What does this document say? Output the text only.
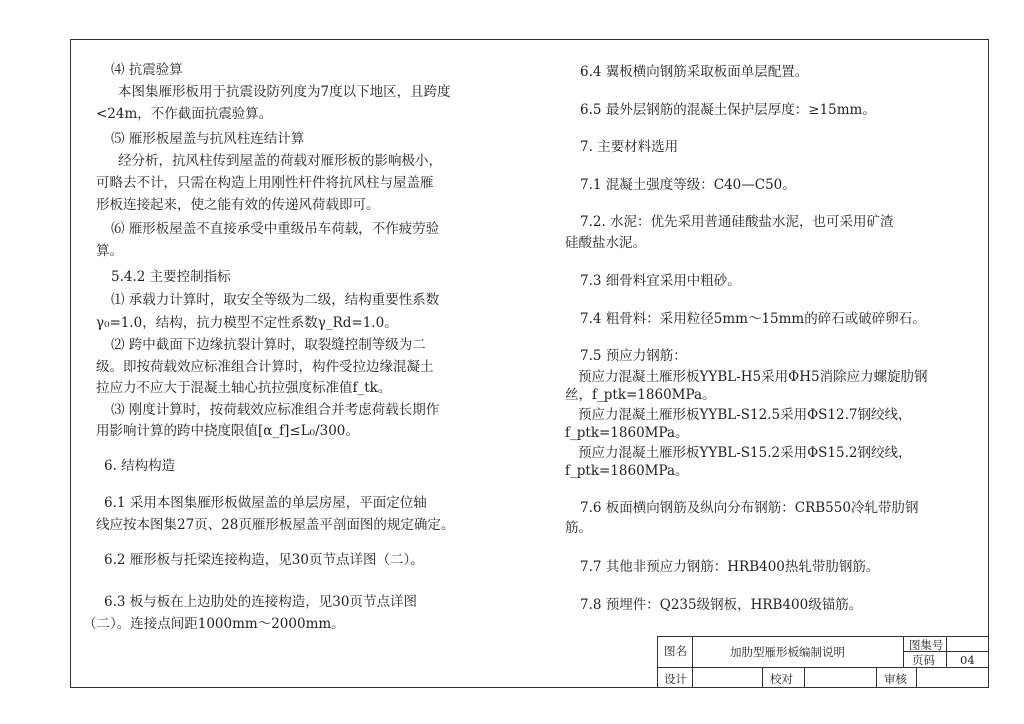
⑷ 抗震验算
本图集雁形板用于抗震设防列度为7度以下地区，且跨度
<24m，不作截面抗震验算。
⑸ 雁形板屋盖与抗风柱连结计算
经分析，抗风柱传到屋盖的荷载对雁形板的影响极小，
可略去不计，只需在构造上用刚性杆件将抗风柱与屋盖雁
形板连接起来，使之能有效的传递风荷载即可。
⑹ 雁形板屋盖不直接承受中重级吊车荷载，不作疲劳验
算。
5.4.2 主要控制指标
⑴ 承载力计算时，取安全等级为二级，结构重要性系数
γ₀=1.0，结构，抗力模型不定性系数γ_Rd=1.0。
⑵ 跨中截面下边缘抗裂计算时，取裂缝控制等级为二
级。即按荷载效应标准组合计算时，构件受拉边缘混凝土
拉应力不应大于混凝土轴心抗拉强度标准值f_tk。
⑶ 刚度计算时，按荷载效应标准组合并考虑荷载长期作
用影响计算的跨中挠度限值[α_f]≤L₀/300。
6. 结构构造
6.1 采用本图集雁形板做屋盖的单层房屋，平面定位轴
线应按本图集27页、28页雁形板屋盖平剖面图的规定确定。
6.2 雁形板与托梁连接构造，见30页节点详图（二）。
6.3 板与板在上边肋处的连接构造，见30页节点详图
（二）。连接点间距1000mm～2000mm。
6.4 翼板横向钢筋采取板面单层配置。
6.5 最外层钢筋的混凝土保护层厚度：≥15mm。
7. 主要材料选用
7.1 混凝土强度等级：C40—C50。
7.2. 水泥：优先采用普通硅酸盐水泥，也可采用矿渣
硅酸盐水泥。
7.3 细骨料宜采用中粗砂。
7.4 粗骨料：采用粒径5mm～15mm的碎石或破碎卵石。
7.5 预应力钢筋：
预应力混凝土雁形板YYBL-H5采用ΦH5消除应力螺旋肋钢
丝，f_ptk=1860MPa。
预应力混凝土雁形板YYBL-S12.5采用ΦS12.7钢绞线，
f_ptk=1860MPa。
预应力混凝土雁形板YYBL-S15.2采用ΦS15.2钢绞线，
f_ptk=1860MPa。
7.6 板面横向钢筋及纵向分布钢筋：CRB550冷轧带肋钢
筋。
7.7 其他非预应力钢筋：HRB400热轧带肋钢筋。
7.8 预埋件：Q235级钢板，HRB400级锚筋。
图名	加肋型雁形板编制说明	图集号
页码 04
设计	校对	审核
